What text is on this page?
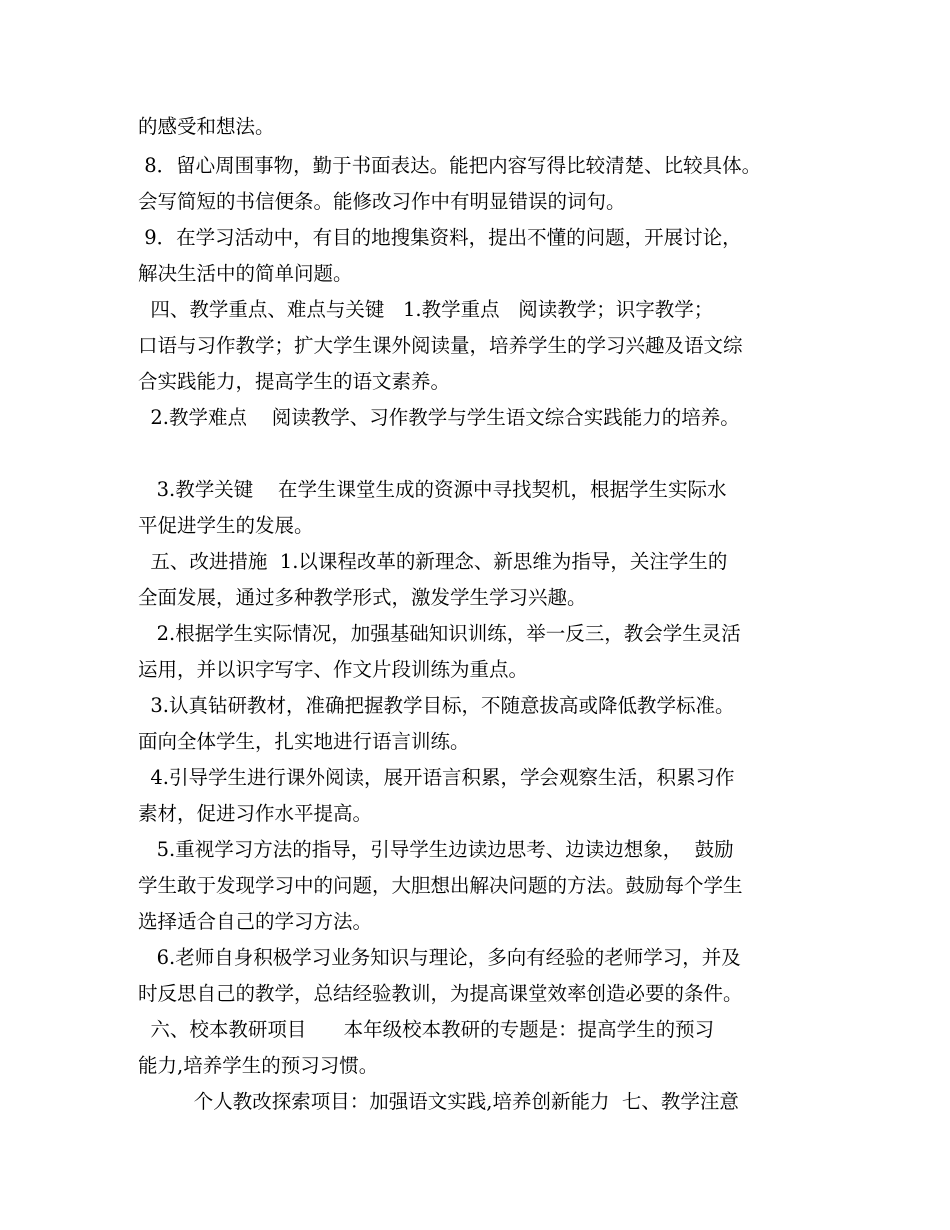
的感受和想法。
8．留心周围事物，勤于书面表达。能把内容写得比较清楚、比较具体。
会写简短的书信便条。能修改习作中有明显错误的词句。
9．在学习活动中，有目的地搜集资料，提出不懂的问题，开展讨论，
解决生活中的简单问题。
四、教学重点、难点与关键   1.教学重点   阅读教学；识字教学；
口语与习作教学；扩大学生课外阅读量，培养学生的学习兴趣及语文综
合实践能力，提高学生的语文素养。
2.教学难点    阅读教学、习作教学与学生语文综合实践能力的培养。
3.教学关键    在学生课堂生成的资源中寻找契机，根据学生实际水
平促进学生的发展。
五、改进措施  1.以课程改革的新理念、新思维为指导，关注学生的
全面发展，通过多种教学形式，激发学生学习兴趣。
2.根据学生实际情况，加强基础知识训练，举一反三，教会学生灵活
运用，并以识字写字、作文片段训练为重点。
3.认真钻研教材，准确把握教学目标，不随意拔高或降低教学标准。
面向全体学生，扎实地进行语言训练。
4.引导学生进行课外阅读，展开语言积累，学会观察生活，积累习作
素材，促进习作水平提高。
5.重视学习方法的指导，引导学生边读边思考、边读边想象，  鼓励
学生敢于发现学习中的问题，大胆想出解决问题的方法。鼓励每个学生
选择适合自己的学习方法。
6.老师自身积极学习业务知识与理论，多向有经验的老师学习，并及
时反思自己的教学，总结经验教训，为提高课堂效率创造必要的条件。
六、校本教研项目      本年级校本教研的专题是：提高学生的预习
能力,培养学生的预习习惯。
个人教改探索项目：加强语文实践,培养创新能力  七、教学注意
